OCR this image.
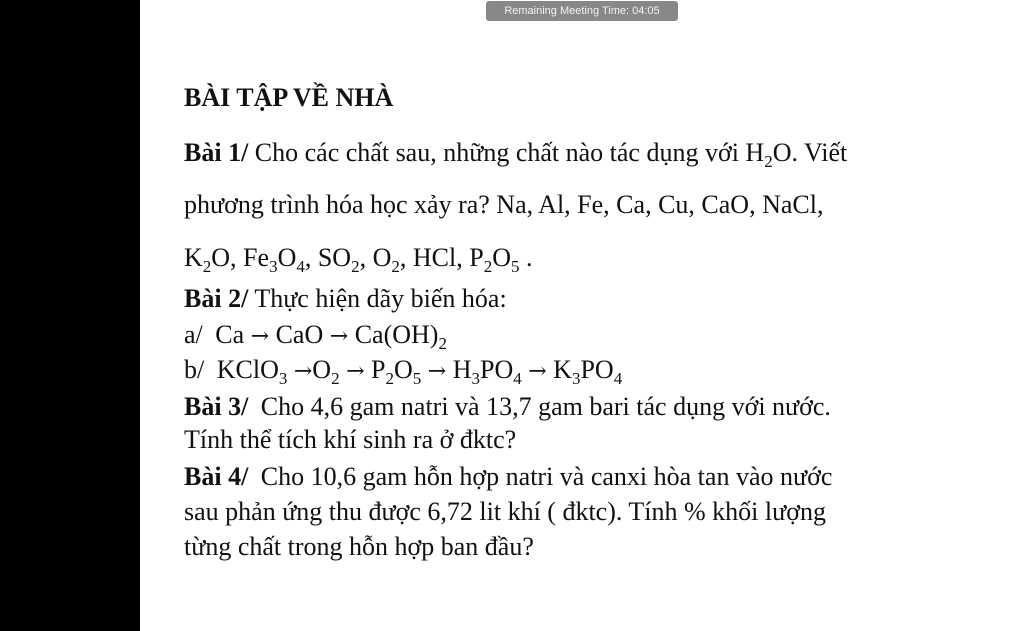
Remaining Meeting Time: 04:05
BÀI TẬP VỀ NHÀ
Bài 1/ Cho các chất sau, những chất nào tác dụng với $H_2O$. Viết
phương trình hóa học xảy ra? Na, Al, Fe, Ca, Cu, CaO, NaCl,
$K_2O$, $Fe_3O_4$, $SO_2$, $O_2$, HCl, $P_2O_5$ .
Bài 2/ Thực hiện dãy biến hóa:
a/ Ca → CaO → $Ca(OH)_2$
b/ KClO$_3$ $\to O_2 \to P_2O_5 \to H_3PO_4 \to K_3PO_4$
Bài 3/ Cho 4,6 gam natri và 13,7 gam bari tác dụng với nước.
Tính thể tích khí sinh ra ở đktc?
Bài 4/ Cho 10,6 gam hỗn hợp natri và canxi hòa tan vào nước
sau phản ứng thu được 6,72 lit khí ( đktc). Tính % khối lượng
từng chất trong hỗn hợp ban đầu?
